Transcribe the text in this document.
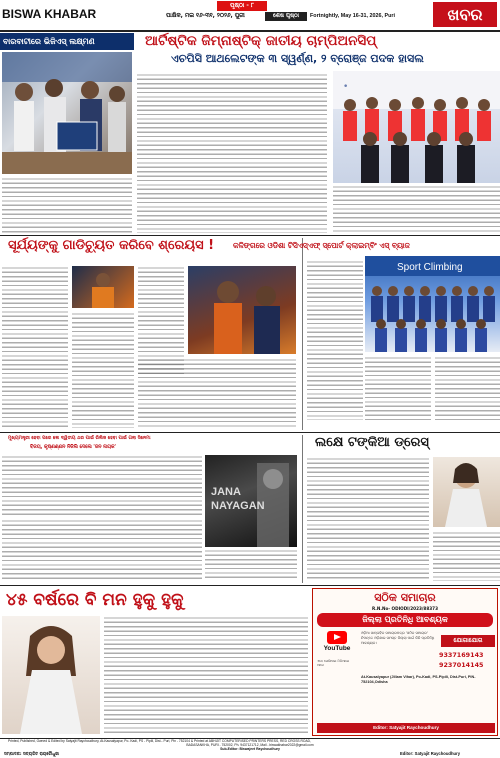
BISWA KHABAR
ପୃଷ୍ଠା - ୮
ପାକ୍ଷିକ, ମଇ ୧୬-୩୧, ୨୦୨୬, ପୁରୀ	ଶେଷ ପୃଷ୍ଠା	Fortnightly, May 16-31, 2026, Puri	ଖବର
ବାରବାଟୀରେ ଭିଜିଏସ୍ ଲକ୍ଷ୍ମଣ	ଆର୍ଟିଷ୍ଟିକ ଜିମ୍ନାଷ୍ଟିକ୍ ଜାତୀୟ ଚାମ୍ପିଅନସିପ୍
ଏଚପିସି ଆଥଲେଟଙ୍କ ୩ ସ୍ୱର୍ଣ୍ଣ, ୨ ବ୍ରୋଞ୍ଜ ପଦକ ହାସଲ
•
ସୂର୍ଯ୍ୟଙ୍କୁ ଗାଡିଚ୍ୟୁତ କରିବେ ଶ୍ରେୟସ !	କଳିଙ୍ଗରେ ଓଡିଶା ଟିସିଏସ୍ଏଫ୍ ସ୍ପୋର୍ଟ କ୍ଲାଇମ୍ବିଂ ଏସ୍ ବ୍ୟାଜ
Sport Climbing
ମୁଖ୍ୟମନ୍ତ୍ରୀ ହେବା ପରେ ଲେ ଦ୍ୱିତୀୟ ଥର ପାଇଁ ରିଲିଜ ହେବା ପାଇଁ ଗଲା ସିନେମା
ବିଜୟ, କୃଷ୍ଣଣ୍ଣନ ନିଜିଲି ଦେଲେ 'ଜନ ନାୟକ'
JANA
NAYAGAN
ଲକ୍ଷେ ଟଙ୍କିଆ ଡ୍ରେସ୍
୪୫ ବର୍ଷରେ ବି ମନ ହୁକୁ ହୁକୁ	ସଠିକ ସମାଚାର
R.N.No- ODIODI/2023/88373
ଜିଲ୍ଲା ପ୍ରତିନିଧି ଆବଶ୍ୟକ
YouTube
ଏବେ ସୋସିଆଲ ମିଡିଆରେ ଆମେ
ଓଡ଼ିଆ ସାପ୍ତାହିକ ସମାଚାରପତ୍ର 'ସଠିକ ସମାଚାର' ନିମନ୍ତେ ଓଡ଼ିଶାର ସମସ୍ତ ଜିଲ୍ଲା ପାଇଁ କିଛି ପ୍ରତିନିଧି ଆବଶ୍ୟକ।	ଯୋଗାଯୋଗ
9337169143
9237014145
At-Kausalyapur (Jillam Vihar), Po-Kadi, PS-Pipili, Dist-Puri, PIN-752104,Odisha
Editor: Satyajit Raychoudhury
Printed, Published, Owned & Edited by Satyajit Raychoudhury, At-Kausalyapur, Po- Kadi, PS - Pipili, Dist.- Puri, Pin - 752104 & Printed at ABHIJIT COMPUTERISED PRINTERS PRESS, RED CROSS ROAD,
BADASANKHA, PURI - 752002, Ph. 9437121712, Mail - biswakhabar2022@gmail.com
Sub-Editor: Biswajeet Raychoudhury
ସମ୍ପାଦକ: ସତ୍ୟଜିତ ରାୟଚୌଧୁରୀ	Editor: Satyajit Raychoudhury
